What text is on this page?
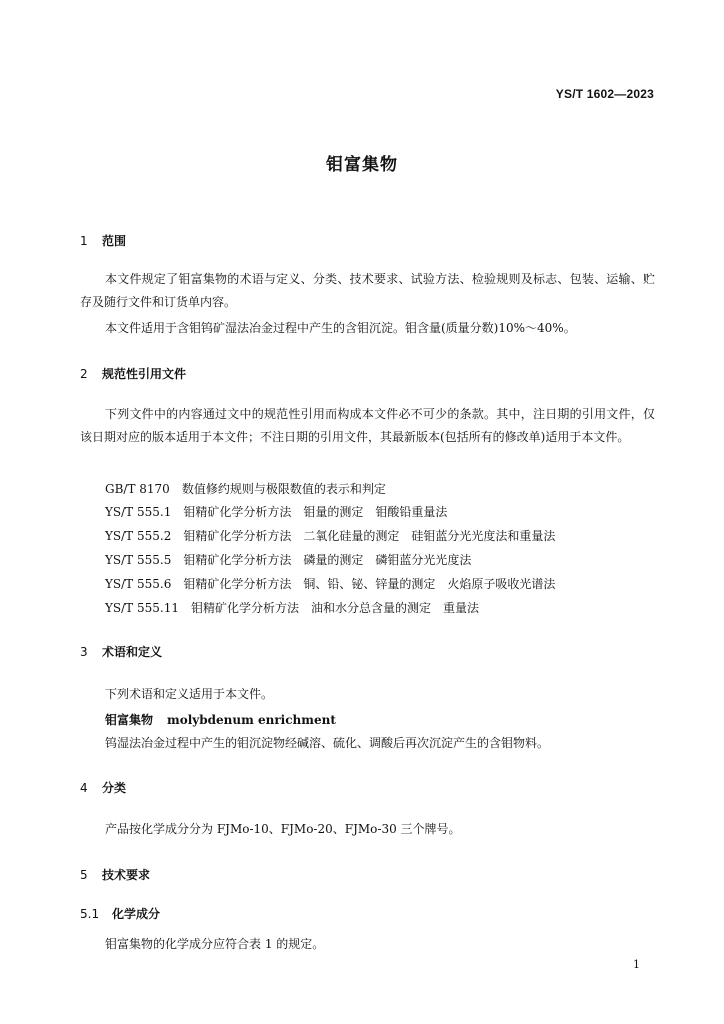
YS/T 1602—2023
钼富集物
1 范围
本文件规定了钼富集物的术语与定义、分类、技术要求、试验方法、检验规则及标志、包装、运输、贮存及随行文件和订货单内容。
本文件适用于含钼钨矿湿法冶金过程中产生的含钼沉淀。钼含量(质量分数)10%～40%。
2 规范性引用文件
下列文件中的内容通过文中的规范性引用而构成本文件必不可少的条款。其中，注日期的引用文件，仅该日期对应的版本适用于本文件；不注日期的引用文件，其最新版本(包括所有的修改单)适用于本文件。
GB/T 8170 数值修约规则与极限数值的表示和判定
YS/T 555.1 钼精矿化学分析方法　钼量的测定　钼酸铅重量法
YS/T 555.2 钼精矿化学分析方法　二氧化硅量的测定　硅钼蓝分光光度法和重量法
YS/T 555.5 钼精矿化学分析方法　磷量的测定　磷钼蓝分光光度法
YS/T 555.6 钼精矿化学分析方法　铜、铅、铋、锌量的测定　火焰原子吸收光谱法
YS/T 555.11 钼精矿化学分析方法　油和水分总含量的测定　重量法
3 术语和定义
下列术语和定义适用于本文件。
钼富集物 molybdenum enrichment
钨湿法冶金过程中产生的钼沉淀物经碱溶、硫化、调酸后再次沉淀产生的含钼物料。
4 分类
产品按化学成分分为 FJMo-10、FJMo-20、FJMo-30 三个牌号。
5 技术要求
5.1 化学成分
钼富集物的化学成分应符合表 1 的规定。
1
